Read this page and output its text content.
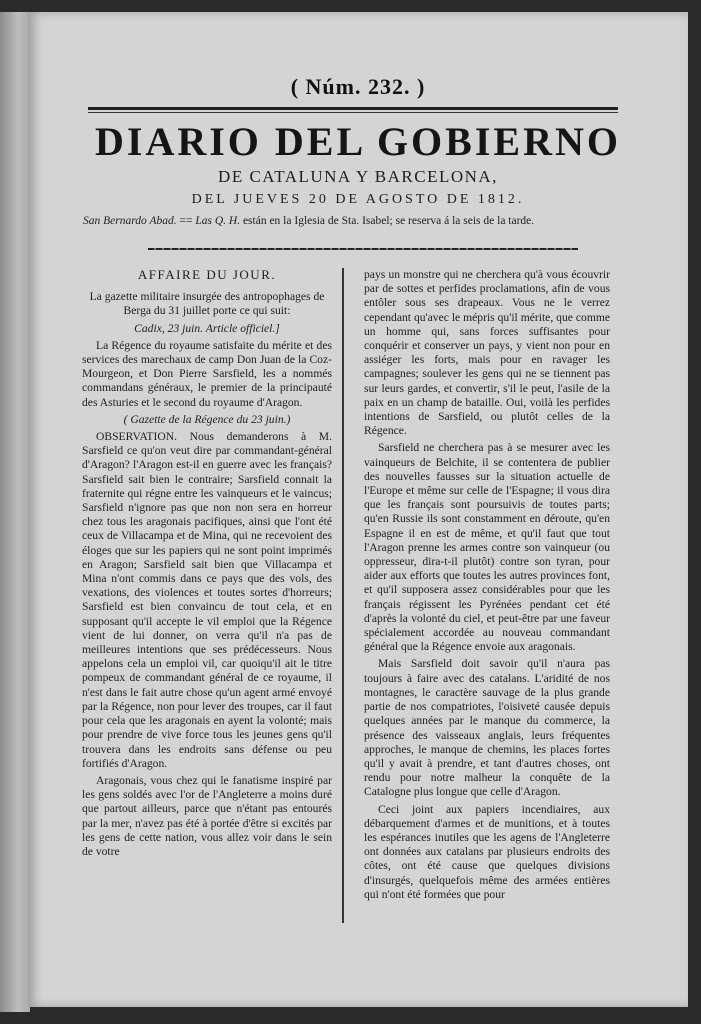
( Núm. 232. )
DIARIO DEL GOBIERNO
DE CATALUNA Y BARCELONA,
DEL JUEVES 20 DE AGOSTO DE 1812.
San Bernardo Abad. == Las Q. H. están en la Iglesia de Sta. Isabel; se reserva á la seis de la tarde.
AFFAIRE DU JOUR.

La gazette militaire insurgée des antropophages de Berga du 31 juillet porte ce qui suit:

Cadix, 23 juin. Article officiel.]

La Régence du royaume satisfaite du mérite et des services des marechaux de camp Don Juan de la Coz-Mourgeon, et Don Pierre Sarsfield, les a nommés commandans généraux, le premier de la principauté des Asturies et le second du royaume d'Aragon.

( Gazette de la Régence du 23 juin.)

OBSERVATION. Nous demanderons à M. Sarsfield ce qu'on veut dire par commandant-général d'Aragon? l'Aragon est-il en guerre avec les français? Sarsfield sait bien le contraire; Sarsfield connait la fraternite qui régne entre les vainqueurs et le vaincus; Sarsfield n'ignore pas que non non sera en horreur chez tous les aragonais pacifiques, ainsi que l'ont été ceux de Villacampa et de Mina, qui ne recevoient des éloges que sur les papiers qui ne sont point imprimés en Aragon; Sarsfield sait bien que Villacampa et Mina n'ont commis dans ce pays que des vols, des vexations, des violences et toutes sortes d'horreurs; Sarsfield est bien convaincu de tout cela, et en supposant qu'il accepte le vil emploi que la Régence vient de lui donner, on verra qu'il n'a pas de meilleures intentions que ses prédécesseurs. Nous appelons cela un emploi vil, car quoiqu'il ait le titre pompeux de commandant général de ce royaume, il n'est dans le fait autre chose qu'un agent armé envoyé par la Régence, non pour lever des troupes, car il faut pour cela que les aragonais en ayent la volonté; mais pour prendre de vive force tous les jeunes gens qu'il trouvera dans les endroits sans défense ou peu fortifiés d'Aragon.

Aragonais, vous chez qui le fanatisme inspiré par les gens soldés avec l'or de l'Angleterre a moins duré que partout ailleurs, parce que n'étant pas entourés par la mer, n'avez pas été à portée d'être si excités par les gens de cette nation, vous allez voir dans le sein de votre

pays un monstre qui ne cherchera qu'à vous écouvrir par de sottes et perfides proclamations, afin de vous entôler sous ses drapeaux. Vous ne le verrez cependant qu'avec le mépris qu'il mérite, que comme un homme qui, sans forces suffisantes pour conquérir et conserver un pays, y vient non pour en assiéger les forts, mais pour en ravager les campagnes; soulever les gens qui ne se tiennent pas sur leurs gardes, et convertir, s'il le peut, l'asile de la paix en un champ de bataille. Oui, voilà les perfides intentions de Sarsfield, ou plutôt celles de la Régence.

Sarsfield ne cherchera pas à se mesurer avec les vainqueurs de Belchite, il se contentera de publier des nouvelles fausses sur la situation actuelle de l'Europe et même sur celle de l'Espagne; il vous dira que les français sont poursuivis de toutes parts; qu'en Russie ils sont constamment en déroute, qu'en Espagne il en est de même, et qu'il faut que tout l'Aragon prenne les armes contre son vainqueur (ou oppresseur, dira-t-il plutôt) contre son tyran, pour aider aux efforts que toutes les autres provinces font, et qu'il supposera assez considérables pour que les français régissent les Pyrénées pendant cet été d'après la volonté du ciel, et peut-être par une faveur spécialement accordée au nouveau commandant général que la Régence envoie aux aragonais.

Mais Sarsfield doit savoir qu'il n'aura pas toujours à faire avec des catalans. L'aridité de nos montagnes, le caractère sauvage de la plus grande partie de nos compatriotes, l'oisiveté causée depuis quelques années par le manque du commerce, la présence des vaisseaux anglais, leurs fréquentes approches, le manque de chemins, les places fortes qu'il y avait à prendre, et tant d'autres choses, ont rendu pour notre malheur la conquête de la Catalogne plus longue que celle d'Aragon.

Ceci joint aux papiers incendiaires, aux débarquement d'armes et de munitions, et à toutes les espérances inutiles que les agens de l'Angleterre ont données aux catalans par plusieurs endroits des côtes, ont été cause que quelques divisions d'insurgés, quelquefois même des armées entières qui n'ont été formées que pour
